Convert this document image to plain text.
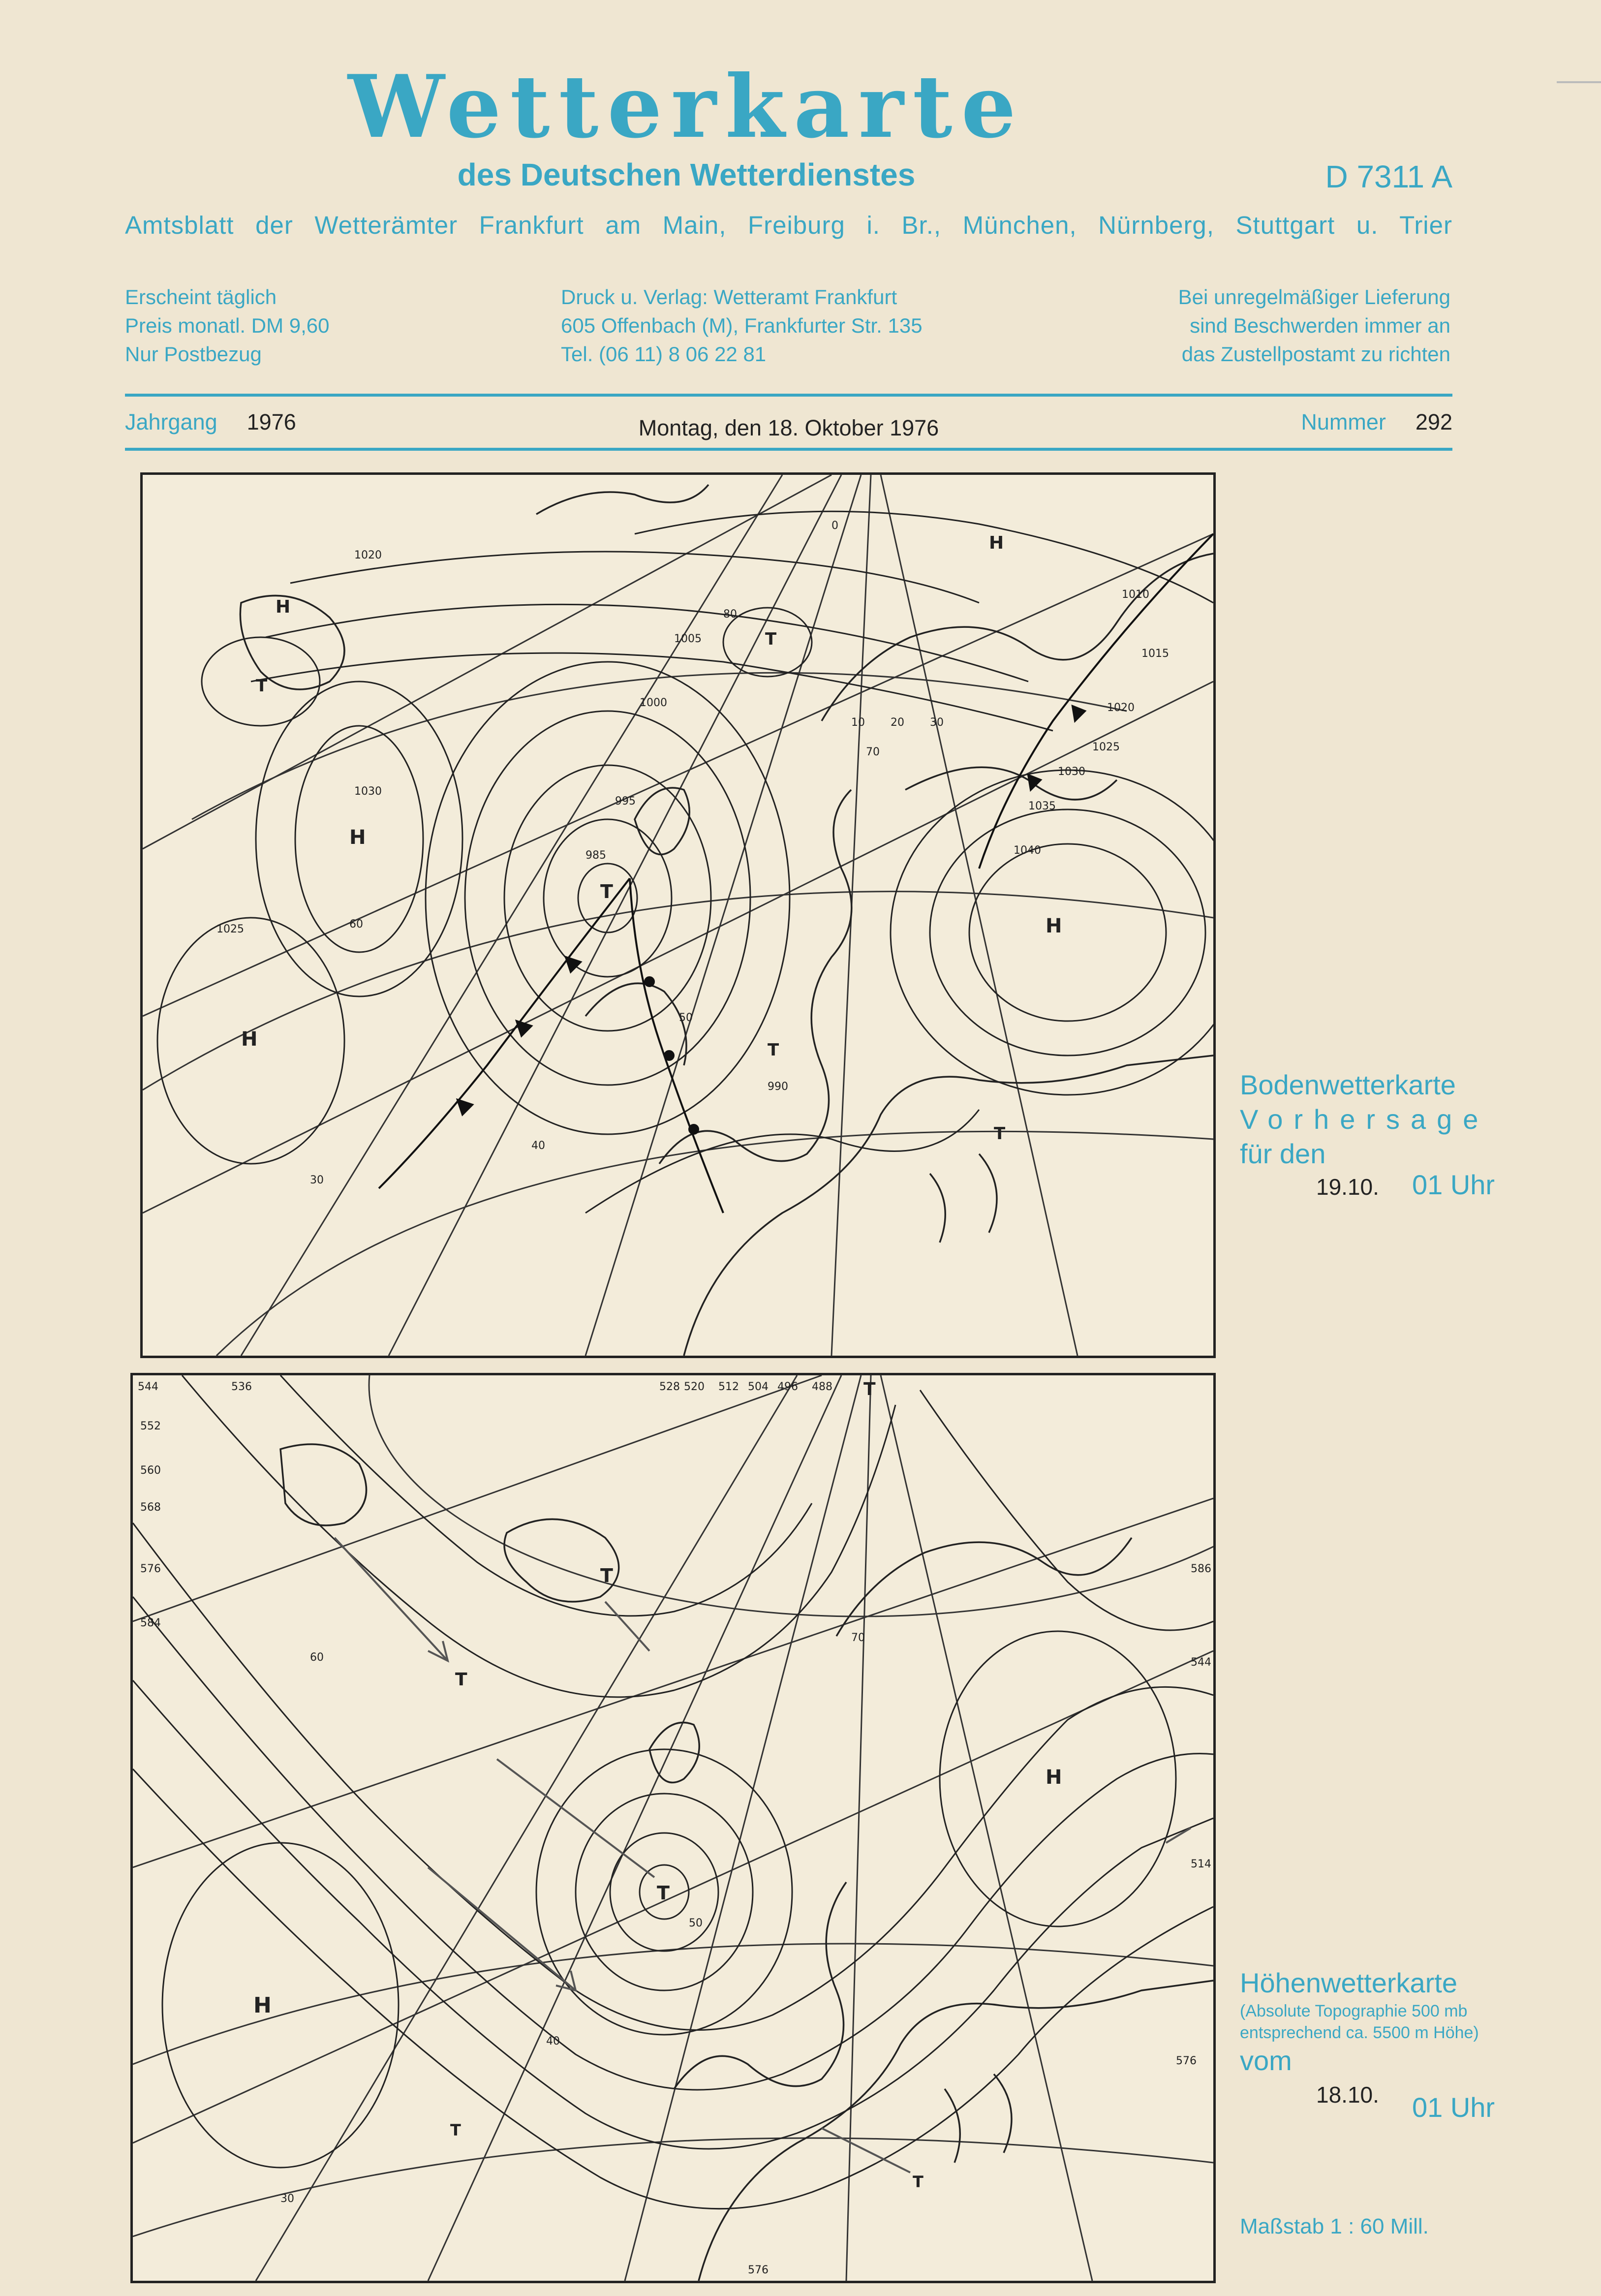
Wetterkarte
des Deutschen Wetterdienstes	D 7311 A
Amtsblatt der Wetterämter Frankfurt am Main, Freiburg i. Br., München, Nürnberg, Stuttgart u. Trier
Erscheint täglich
Preis monatl. DM 9,60
Nur Postbezug
Druck u. Verlag: Wetteramt Frankfurt
605 Offenbach (M), Frankfurter Str. 135
Tel. (06 11) 8 06 22 81
Bei unregelmäßiger Lieferung
sind Beschwerden immer an
das Zustellpostamt zu richten
Jahrgang 1976	Montag, den 18. Oktober 1976	Nummer 292
H
H
H
H
T
T
T
T
T
H
1040
1035
1030
1025
1020
1015
1010
1005
1000
995
985
990
1030
1025
1020
30
40
50
60
70
80
0
10 20 30
Bodenwetterkarte
Vorhersage
für den
19.10. 01 Uhr
H
H
T
T
T
T
T
T
544	536	528 520 512 504 496 488
552
560
568
576
584
576
576
586
544
514
30
40
50
60
70
Höhenwetterkarte
(Absolute Topographie 500 mb
entsprechend ca. 5500 m Höhe)
vom
18.10. 01 Uhr
Maßstab 1 : 60 Mill.
